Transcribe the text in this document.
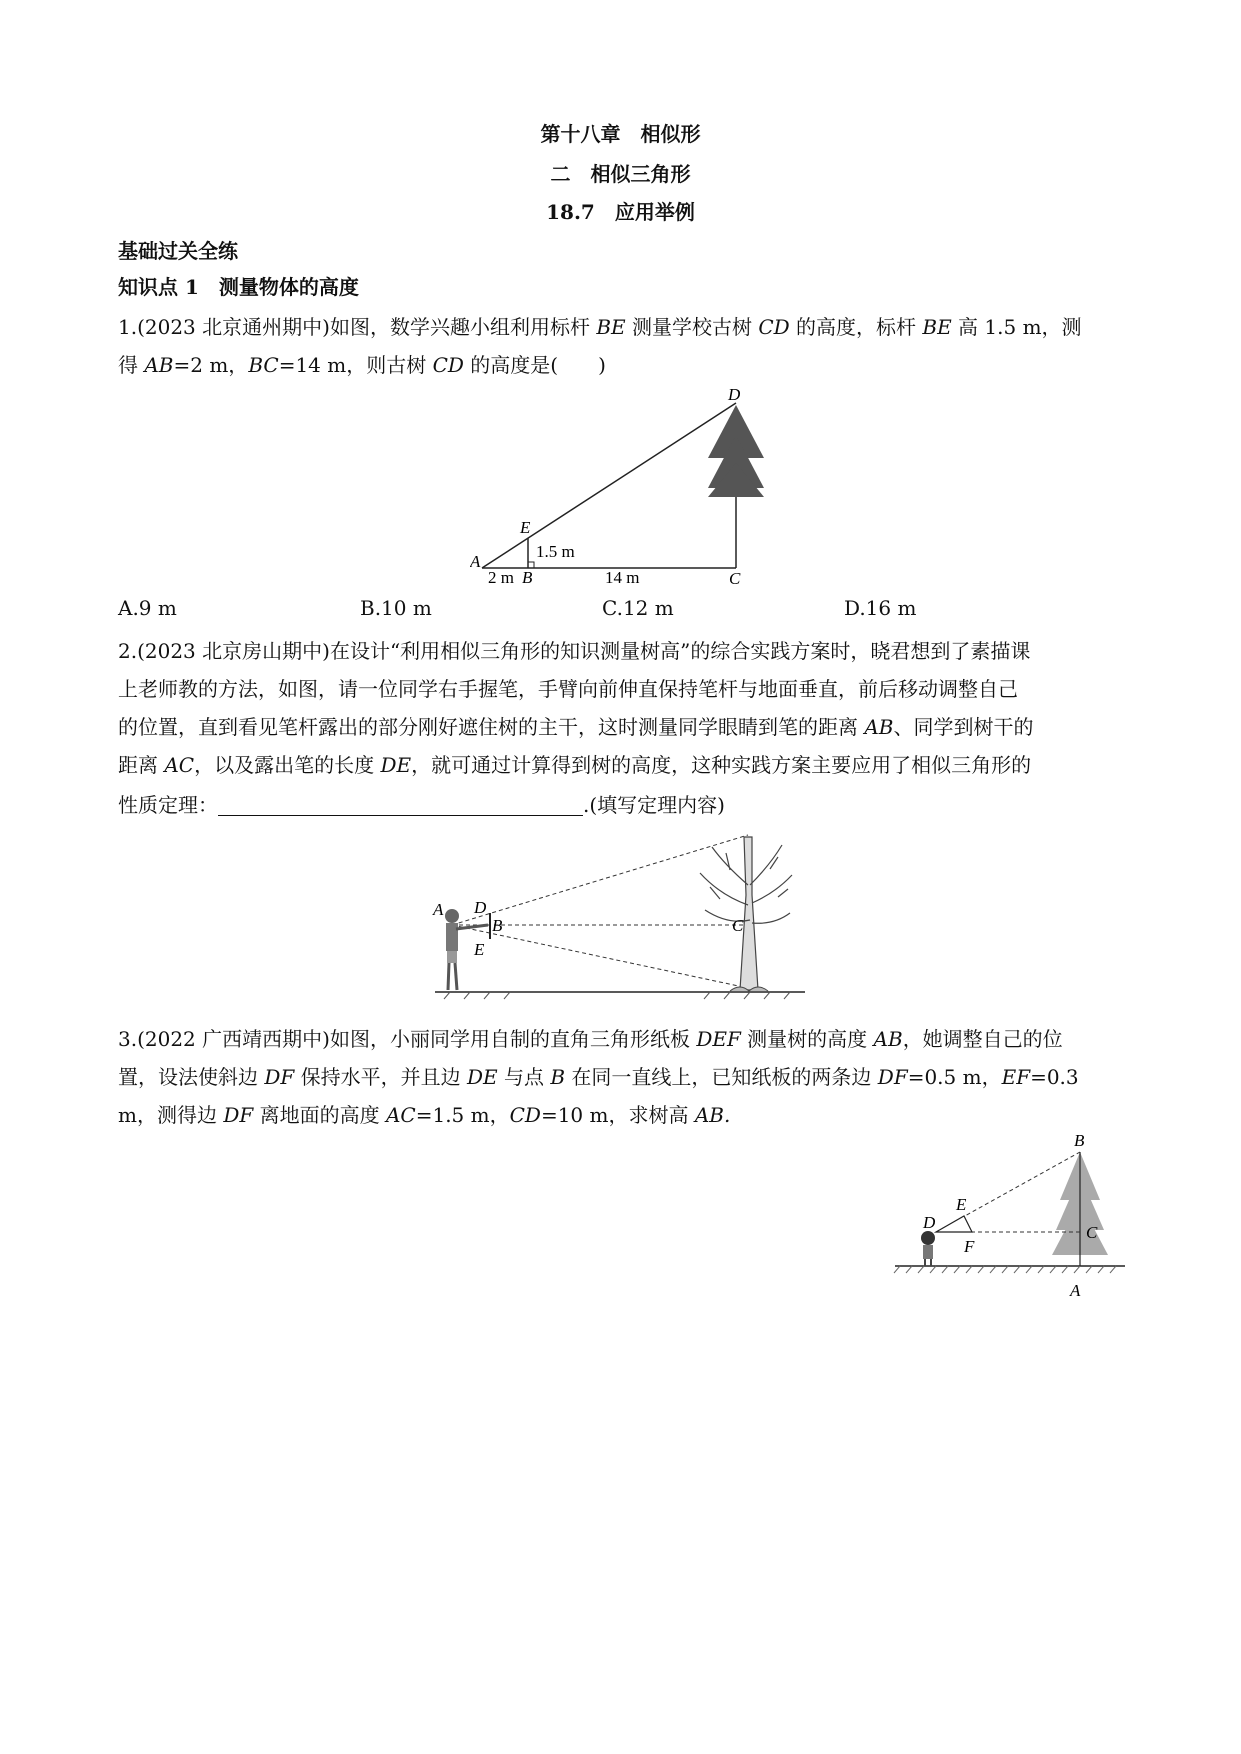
第十八章　相似形
二　相似三角形
18.7　应用举例
基础过关全练
知识点 1　测量物体的高度
1.(2023 北京通州期中)如图，数学兴趣小组利用标杆 BE 测量学校古树 CD 的高度，标杆 BE 高 1.5 m，测
得 AB=2 m，BC=14 m，则古树 CD 的高度是(　　)
A
E
B	C
D
1.5 m
2 m	14 m
A.9 m	B.10 m	C.12 m	D.16 m
2.(2023 北京房山期中)在设计“利用相似三角形的知识测量树高”的综合实践方案时，晓君想到了素描课
上老师教的方法，如图，请一位同学右手握笔，手臂向前伸直保持笔杆与地面垂直，前后移动调整自己
的位置，直到看见笔杆露出的部分刚好遮住树的主干，这时测量同学眼睛到笔的距离 AB、同学到树干的
距离 AC，以及露出笔的长度 DE，就可通过计算得到树的高度，这种实践方案主要应用了相似三角形的
性质定理：	.(填写定理内容)
A D
B
E
C
3.(2022 广西靖西期中)如图，小丽同学用自制的直角三角形纸板 DEF 测量树的高度 AB，她调整自己的位
置，设法使斜边 DF 保持水平，并且边 DE 与点 B 在同一直线上，已知纸板的两条边 DF=0.5 m，EF=0.3
m，测得边 DF 离地面的高度 AC=1.5 m，CD=10 m，求树高 AB.
B
C
A
D
E
F
